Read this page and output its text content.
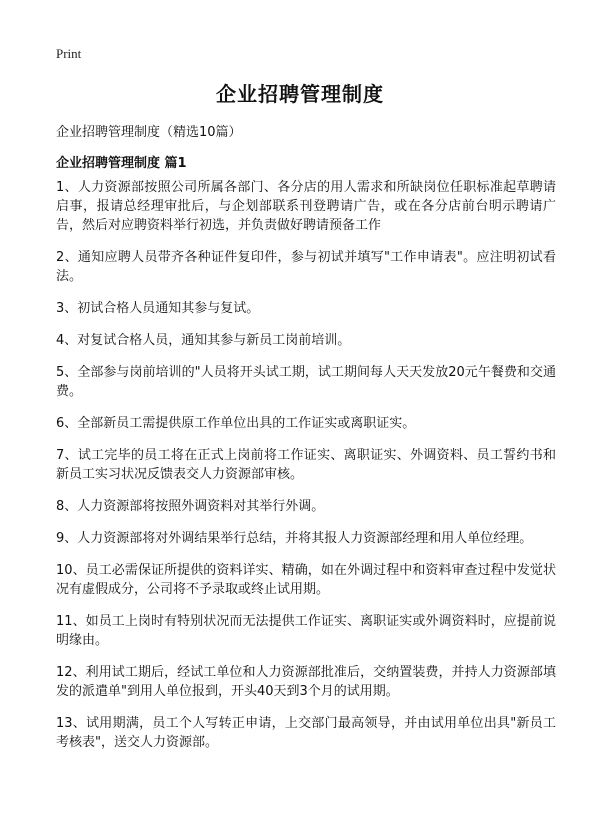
Print
企业招聘管理制度
企业招聘管理制度（精选10篇）
企业招聘管理制度 篇1
1、人力资源部按照公司所属各部门、各分店的用人需求和所缺岗位任职标准起草聘请启事，报请总经理审批后，与企划部联系刊登聘请广告，或在各分店前台明示聘请广告，然后对应聘资料举行初选，并负责做好聘请预备工作
2、通知应聘人员带齐各种证件复印件，参与初试并填写"工作申请表"。应注明初试看法。
3、初试合格人员通知其参与复试。
4、对复试合格人员，通知其参与新员工岗前培训。
5、全部参与岗前培训的"人员将开头试工期，试工期间每人天天发放20元午餐费和交通费。
6、全部新员工需提供原工作单位出具的工作证实或离职证实。
7、试工完毕的员工将在正式上岗前将工作证实、离职证实、外调资料、员工誓约书和新员工实习状况反馈表交人力资源部审核。
8、人力资源部将按照外调资料对其举行外调。
9、人力资源部将对外调结果举行总结，并将其报人力资源部经理和用人单位经理。
10、员工必需保证所提供的资料详实、精确，如在外调过程中和资料审查过程中发觉状况有虚假成分，公司将不予录取或终止试用期。
11、如员工上岗时有特别状况而无法提供工作证实、离职证实或外调资料时，应提前说明缘由。
12、利用试工期后，经试工单位和人力资源部批准后，交纳置装费，并持人力资源部填发的派遣单"到用人单位报到，开头40天到3个月的试用期。
13、试用期满，员工个人写转正申请，上交部门最高领导，并由试用单位出具"新员工考核表"，送交人力资源部。
